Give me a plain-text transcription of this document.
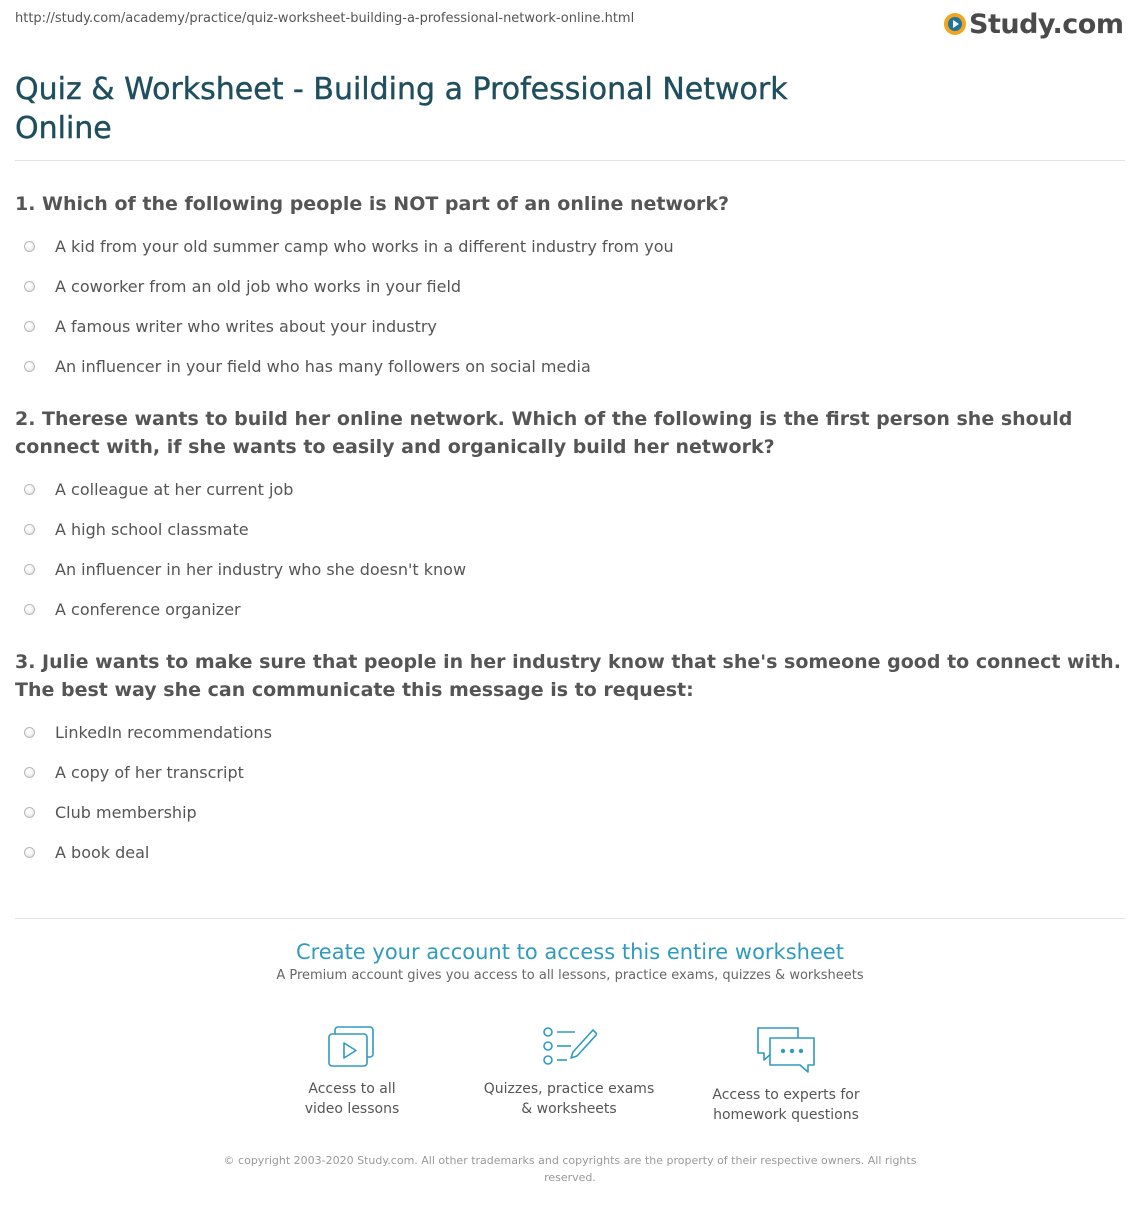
http://study.com/academy/practice/quiz-worksheet-building-a-professional-network-online.html	Study.com
Quiz & Worksheet - Building a Professional Network Online
1. Which of the following people is NOT part of an online network?
A kid from your old summer camp who works in a different industry from you
A coworker from an old job who works in your field
A famous writer who writes about your industry
An influencer in your field who has many followers on social media
2. Therese wants to build her online network. Which of the following is the first person she should connect with, if she wants to easily and organically build her network?
A colleague at her current job
A high school classmate
An influencer in her industry who she doesn't know
A conference organizer
3. Julie wants to make sure that people in her industry know that she's someone good to connect with. The best way she can communicate this message is to request:
LinkedIn recommendations
A copy of her transcript
Club membership
A book deal
Create your account to access this entire worksheet
A Premium account gives you access to all lessons, practice exams, quizzes & worksheets
Access to all
video lessons
Quizzes, practice exams
& worksheets
Access to experts for
homework questions
© copyright 2003-2020 Study.com. All other trademarks and copyrights are the property of their respective owners. All rights reserved.
